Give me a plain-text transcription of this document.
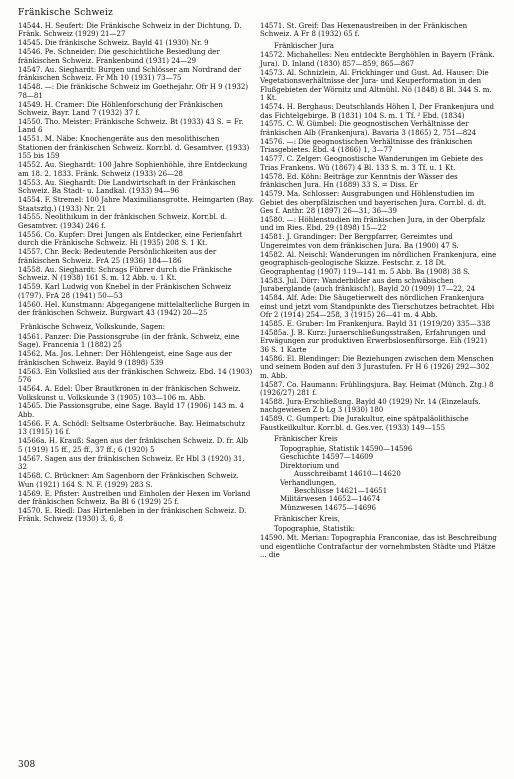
Fränkische Schweiz
14544. H. Seufert: Die Fränkische Schweiz in der Dichtung. D. Fränk. Schweiz (1929) 21—27
14545. Die fränkische Schweiz. Bayld 41 (1930) Nr. 9
14546. Pe. Schneider: Die geschichtliche Besiedlung der fränkischen Schweiz. Frankenbund (1931) 24—29
14547. Au. Sieghardt: Burgen und Schlösser am Nordrand der fränkischen Schweiz. Fr Mh 10 (1931) 73—75
14548. —: Die fränkische Schweiz im Goethejahr. Ofr H 9 (1932) 78—81
14549. H. Cramer: Die Höhlenforschung der Fränkischen Schweiz. Bayr. Land 7 (1932) 37 f.
14550. Tho. Meister: Fränkische Schweiz. Bt (1933) 43 S. = Fr. Land 6
14551. M. Näbe: Knochengeräte aus den mesolithischen Stationen der fränkischen Schweiz. Korr.bl. d. Gesamtver. (1933) 155 bis 159
14552. Au. Sieghardt: 100 Jahre Sophienhöhle, ihre Entdeckung am 18. 2. 1833. Fränk. Schweiz (1933) 26—28
14553. Au. Sieghardt: Die Landwirtschaft in der Fränkischen Schweiz. Ba Stadt- u. Landkal. (1933) 94—96
14554. F. Stremel: 100 Jahre Maximiliansgrotte. Heimgarten (Bay. Staatsztg.) (1933) Nr. 21
14555. Neolithikum in der fränkischen Schweiz. Korr.bl. d. Gesamtver. (1934) 246 f.
14556. Co. Kupfer: Drei Jungen als Entdecker, eine Ferienfahrt durch die Fränkische Schweiz. Hi (1935) 208 S. 1 Kt.
14557. Chr. Beck: Bedeutende Persönlichkeiten aus der fränkischen Schweiz. FrA 25 (1936) 184—186
14558. Au. Sieghardt: Schrags Führer durch die Fränkische Schweiz. N (1938) 161 S. m. 12 Abb. u. 1 Kt.
14559. Karl Ludwig von Knebel in der Fränkischen Schweiz (1797). FrA 28 (1941) 50—53
14560. Hel. Kunstmann: Abgegangene mittelalterliche Burgen in der fränkischen Schweiz. Burgwart 43 (1942) 20—25
Fränkische Schweiz, Volkskunde, Sagen:
14561. Panzer: Die Passionsgrube (in der fränk. Schweiz, eine Sage). Francenia 1 (1882) 25
14562. Ma. Jos. Lehner: Der Höhlengeist, eine Sage aus der fränkischen Schweiz. Bayld 9 (1898) 539
14563. Ein Volkslied aus der fränkischen Schweiz. Ebd. 14 (1903) 576
14564. A. Edel: Über Brautkronen in der fränkischen Schweiz. Volkskunst u. Volkskunde 3 (1905) 103—106 m. Abb.
14565. Die Passionsgrube, eine Sage. Bayld 17 (1906) 143 m. 4 Abb.
14566. F. A. Schödl: Seltsame Osterbräuche. Bay. Heimatschutz 13 (1915) 16 f.
14566a. H. Krauß: Sagen aus der fränkischen Schweiz. D. fr. Alb 5 (1919) 15 ff., 25 ff., 37 ff.; 6 (1920) 5
14567. Sagen aus der fränkischen Schweiz. Er Hbl 3 (1920) 31, 32
14568. C. Brückner: Am Sagenborn der Fränkischen Schweiz. Wun (1921) 164 S. N. F. (1929) 283 S.
14569. E. Pfister: Austreiben und Einholen der Hexen im Vorland der fränkischen Schweiz. Ba Bl 6 (1929) 25 f.
14570. E. Riedl: Das Hirtenleben in der fränkischen Schweiz. D. Fränk. Schweiz (1930) 3, 6, 8
14571. St. Greif: Das Hexenaustreiben in der Fränkischen Schweiz. A Fr 8 (1932) 65 f.
Fränkischer Jura
14572. Michahelles: Neu entdeckte Berghöhlen in Bayern (Fränk. Jura). D. Inland (1830) 857—859, 865—867
14573. Al. Schnizlein, Al. Frickhinger und Gust. Ad. Hauser: Die Vegetationsverhältnisse der Jura- und Keuperformation in den Flußgebieten der Wörnitz und Altmühl. Nö (1848) 8 Bl. 344 S. m. 1 Kt.
14574. H. Berghaus: Deutschlands Höhen I, Der Frankenjura und das Fichtelgebirge. B (1831) 104 S. m. 1 Tf. ² Ebd. (1834)
14575. C. W. Gümbel: Die geognostischen Verhältnisse der fränkischen Alb (Frankenjura). Bavaria 3 (1865) 2, 751—824
14576. —: Die geognostischen Verhältnisse des fränkischen Triasgebietes. Ebd. 4 (1866) 1, 3—77
14577. C. Zelger: Geognostische Wanderungen im Gebiete des Trias Frankens. Wü (1867) 4 Bl. 133 S. m. 3 Tf. u. 1 Kt.
14578. Ed. Köhn: Beiträge zur Kenntnis der Wässer des fränkischen Jura. Hn (1889) 33 S. = Diss. Er
14579. Ma. Schlosser: Ausgrabungen und Höhlenstudien im Gebiet des oberpfälzischen und bayerischen Jura. Corr.bl. d. dt. Ges f. Anthr. 28 (1897) 26—31, 36—39
14580. —: Höhlenstudien im fränkischen Jura, in der Oberpfalz und im Ries. Ebd. 29 (1898) 15—22
14581. J. Grandinger: Der Bergpfarrer, Gereimtes und Ungereimtes von dem fränkischen Jura. Ba (1900) 47 S.
14582. Al. Neischl: Wanderungen im nördlichen Frankenjura, eine geographisch-geologische Skizze. Festschr. z. 18 Dt. Geographentag (1907) 119—141 m. 5 Abb. Ba (1908) 38 S.
14583. Jul. Dörr: Wanderbilder aus dem schwäbischen Juraberglande (auch fränkisch!). Bayld 20 (1909) 17—22, 24
14584. Alf. Ade: Die Säugetierwelt des nördlichen Frankenjura einst und jetzt vom Standpunkte des Tierschutzes betrachtet. Hbi Ofr 2 (1914) 254—258, 3 (1915) 26—41 m. 4 Abb.
14585. E. Gruber: Im Frankenjura. Bayld 31 (1919/20) 335—338
14585a. J. B. Kurz: Juraerschließungsstraßen, Erfahrungen und Erwägungen zur produktiven Erwerbslosenfürsorge. Eih (1921) 36 S. 1 Karte
14586. El. Blendinger: Die Beziehungen zwischen dem Menschen und seinem Boden auf den 3 Jurastufen. Fr H 6 (1926) 292—302 m. Abb.
14587. Co. Haumann: Frühlingsjura. Bay. Heimat (Münch. Ztg.) 8 (1926/27) 281 f.
14588. Jura-Erschließung. Bayld 40 (1929) Nr. 14 (Einzelaufs. nachgewiesen Z b Lg 3 (1930) 180
14589. C. Gumpert: Die Jurakultur, eine spätpaläolithische Faustkeilkultur. Korr.bl. d. Ges.ver. (1933) 149—155
Fränkischer Kreis
Topographie, Statistik 14590—14596
Geschichte 14597—14609
Direktorium und
Ausschreibamt 14610—14620
Verhandlungen,
Beschlüsse 14621—14651
Militärwesen 14652—14674
Münzwesen 14675—14696
Fränkischer Kreis,
Topographie, Statistik:
14590. Mt. Merian: Topographia Franconiae, das ist Beschreibung und eigentliche Contrafactur der vornehmbsten Städte und Plätze ... die
308
